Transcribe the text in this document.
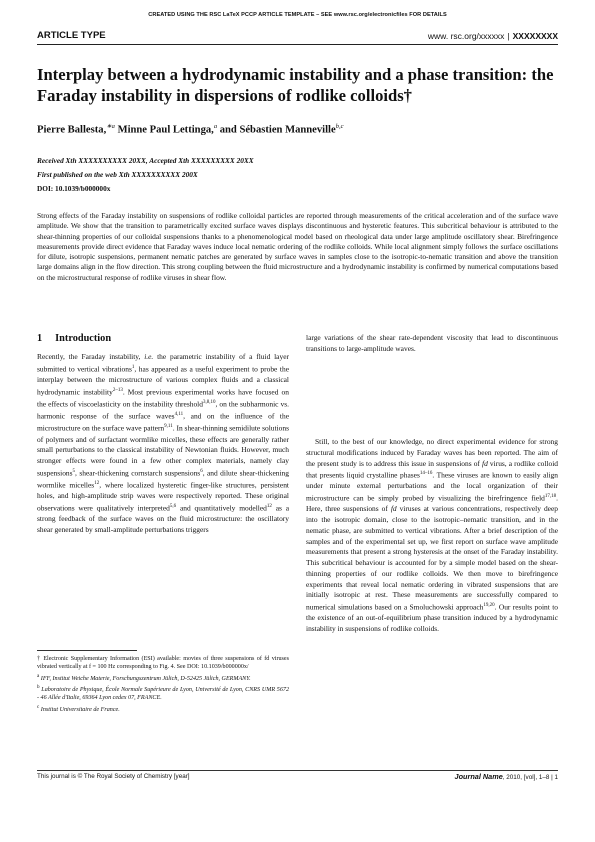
CREATED USING THE RSC LaTeX PCCP ARTICLE TEMPLATE – SEE www.rsc.org/electronicfiles FOR DETAILS
ARTICLE TYPE	www. rsc.org/xxxxxx | XXXXXXXX
Interplay between a hydrodynamic instability and a phase transition: the Faraday instability in dispersions of rodlike colloids†
Pierre Ballesta,$^{∗a}$ Minne Paul Lettinga,$^a$ and Sébastien Manneville$^{b,c}$
Received Xth XXXXXXXXXX 20XX, Accepted Xth XXXXXXXXX 20XX
First published on the web Xth XXXXXXXXXX 200X
DOI: 10.1039/b000000x
Strong effects of the Faraday instability on suspensions of rodlike colloidal particles are reported through measurements of the critical acceleration and of the surface wave amplitude. We show that the transition to parametrically excited surface waves displays discontinuous and hysteretic features. This subcritical behaviour is attributed to the shear-thinning properties of our colloidal suspensions thanks to a phenomenological model based on rheological data under large amplitude oscillatory shear. Birefringence measurements provide direct evidence that Faraday waves induce local nematic ordering of the rodlike colloids. While local alignment simply follows the surface oscillations for dilute, isotropic suspensions, permanent nematic patches are generated by surface waves in samples close to the isotropic-to-nematic transition and above the transition large domains align in the flow direction. This strong coupling between the fluid microstructure and a hydrodynamic instability is confirmed by numerical computations based on the microstructural response of rodlike viruses in shear flow.
1 Introduction

Recently, the Faraday instability, i.e. the parametric instability of a fluid layer submitted to vertical vibrations$^1$, has appeared as a useful experiment to probe the interplay between the microstructure of various complex fluids and a classical hydrodynamic instability$^{2-13}$. Most previous experimental works have focused on the effects of viscoelasticity on the instability threshold$^{3,8,10}$, on the subharmonic vs. harmonic response of the surface waves$^{4,11}$, and on the influence of the microstructure on the surface wave pattern$^{9,11}$. In shear-thinning semidilute solutions of polymers and of surfactant wormlike micelles, these effects are generally rather small perturbations to the classical instability of Newtonian fluids. However, much stronger effects were found in a few other complex materials, namely clay suspensions$^5$, shear-thickening cornstarch suspensions$^6$, and dilute shear-thickening wormlike micelles$^{12}$, where localized hysteretic finger-like structures, persistent holes, and high-amplitude strip waves were respectively reported. These original observations were qualitatively interpreted$^{5,6}$ and quantitatively modelled$^{12}$ as a strong feedback of the surface waves on the fluid microstructure: the oscillatory shear generated by small-amplitude perturbations triggers

large variations of the shear rate-dependent viscosity that lead to discontinuous transitions to large-amplitude waves.

Still, to the best of our knowledge, no direct experimental evidence for strong structural modifications induced by Faraday waves has been reported. The aim of the present study is to address this issue in suspensions of fd virus, a rodlike colloid that presents liquid crystalline phases$^{14-16}$. These viruses are known to easily align under minute external perturbations and the local organization of their microstructure can be simply probed by visualizing the birefringence field$^{17,18}$. Here, three suspensions of fd viruses at various concentrations, respectively deep into the isotropic domain, close to the isotropic–nematic transition, and in the nematic phase, are submitted to vertical vibrations. After a brief description of the samples and of the experimental set up, we first report on surface wave amplitude measurements that present a strong hysteresis at the onset of the Faraday instability. This subcritical behaviour is accounted for by a simple model based on the shear-thinning properties of our rodlike colloids. We then move to birefringence experiments that reveal local nematic ordering in vibrated suspensions that are initially isotropic at rest. These measurements are successfully compared to numerical simulations based on a Smoluchowski approach$^{19,20}$. Our results point to the existence of an out-of-equilibrium phase transition induced by a hydrodynamic instability in suspensions of rodlike colloids.

† Electronic Supplementary Information (ESI) available: movies of three suspensions of fd viruses vibrated vertically at f = 100 Hz corresponding to Fig. 4. See DOI: 10.1039/b000000x/

$^a$ IFF, Institut Weiche Materie, Forschungszentrum Jülich, D-52425 Jülich, GERMANY.

$^b$ Laboratoire de Physique, École Normale Supérieure de Lyon, Université de Lyon, CNRS UMR 5672 - 46 Allée d'Italie, 69364 Lyon cedex 07, FRANCE.

$^c$ Institut Universitaire de France.

This journal is © The Royal Society of Chemistry [year]	Journal Name, 2010, [vol], 1–8 | 1
